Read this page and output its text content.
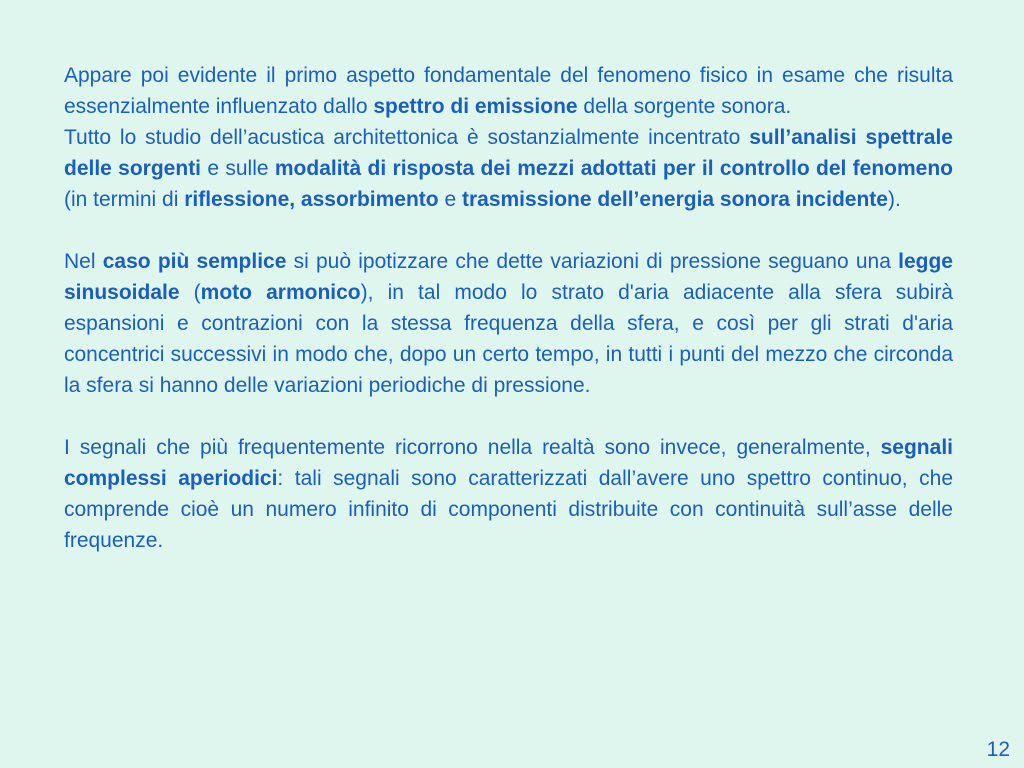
Appare poi evidente il primo aspetto fondamentale del fenomeno fisico in esame che risulta essenzialmente influenzato dallo spettro di emissione della sorgente sonora.

Tutto lo studio dell’acustica architettonica è sostanzialmente incentrato sull’analisi spettrale delle sorgenti e sulle modalità di risposta dei mezzi adottati per il controllo del fenomeno (in termini di riflessione, assorbimento e trasmissione dell’energia sonora incidente).

Nel caso più semplice si può ipotizzare che dette variazioni di pressione seguano una legge sinusoidale (moto armonico), in tal modo lo strato d'aria adiacente alla sfera subirà espansioni e contrazioni con la stessa frequenza della sfera, e così per gli strati d'aria concentrici successivi in modo che, dopo un certo tempo, in tutti i punti del mezzo che circonda la sfera si hanno delle variazioni periodiche di pressione.

I segnali che più frequentemente ricorrono nella realtà sono invece, generalmente, segnali complessi aperiodici: tali segnali sono caratterizzati dall’avere uno spettro continuo, che comprende cioè un numero infinito di componenti distribuite con continuità sull’asse delle frequenze.

12
